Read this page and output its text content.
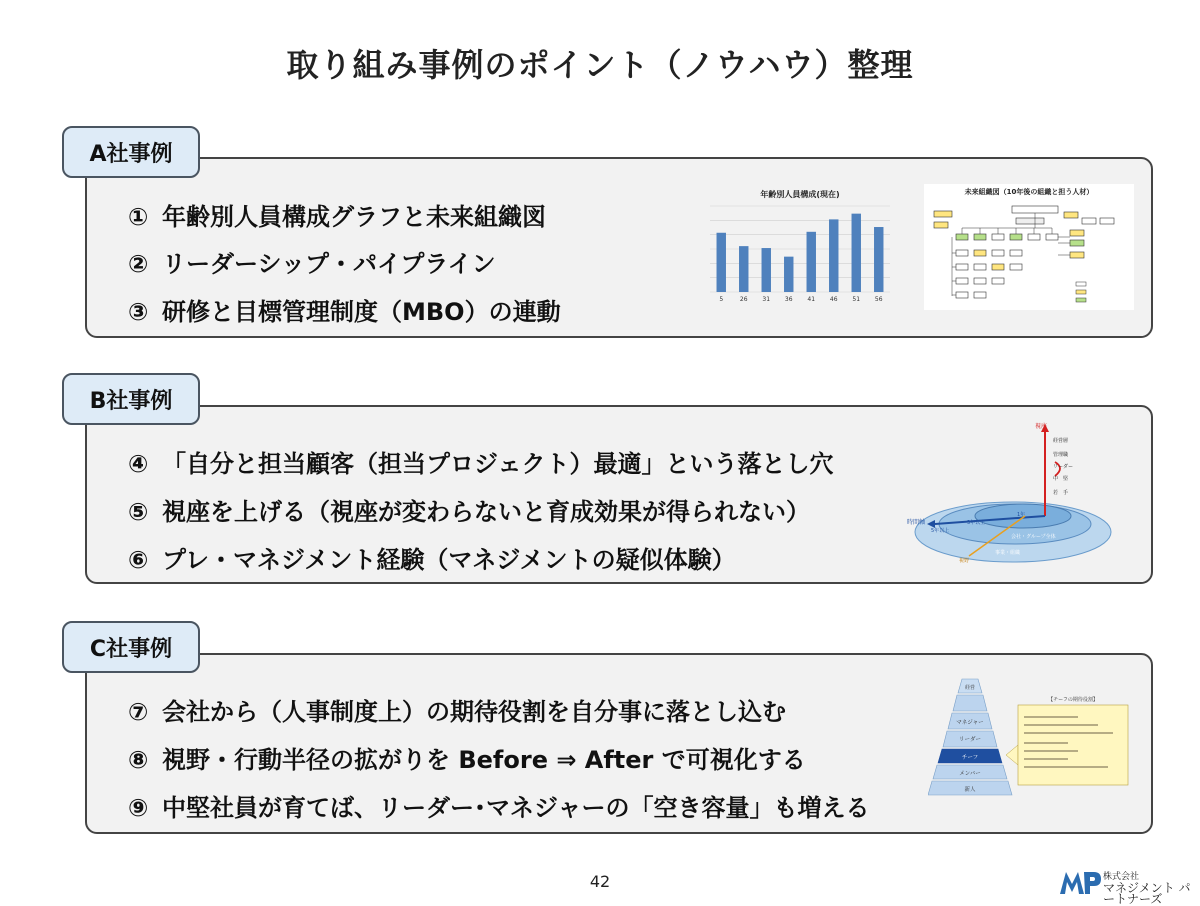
取り組み事例のポイント（ノウハウ）整理
A社事例
① 年齢別人員構成グラフと未来組織図
② リーダーシップ・パイプライン
③ 研修と目標管理制度（MBO）の連動
年齢別人員構成(現在)
5	26 31 36 41 46 51 56
未来組織図（10年後の組織と担う人材）
B社事例
④ 「自分と担当顧客（担当プロジェクト）最適」という落とし穴
⑤ 視座を上げる（視座が変わらないと育成効果が得られない）
⑥ プレ・マネジメント経験（マネジメントの疑似体験）
視座
経営層
管理職
リーダー
中　堅
若　手
時間軸
5年以上
3年以上
1年
会社・グループ全体
事業・組織
視野
C社事例
⑦ 会社から（人事制度上）の期待役割を自分事に落とし込む
⑧ 視野・行動半径の拡がりを Before ⇒ After で可視化する
⑨ 中堅社員が育てば、リーダー･マネジャーの「空き容量」も増える
経営
マネジャー
リーダー
チーフ
メンバー
新人
【チーフの期待役割】
42	株式会社
マネジメント パートナーズ
